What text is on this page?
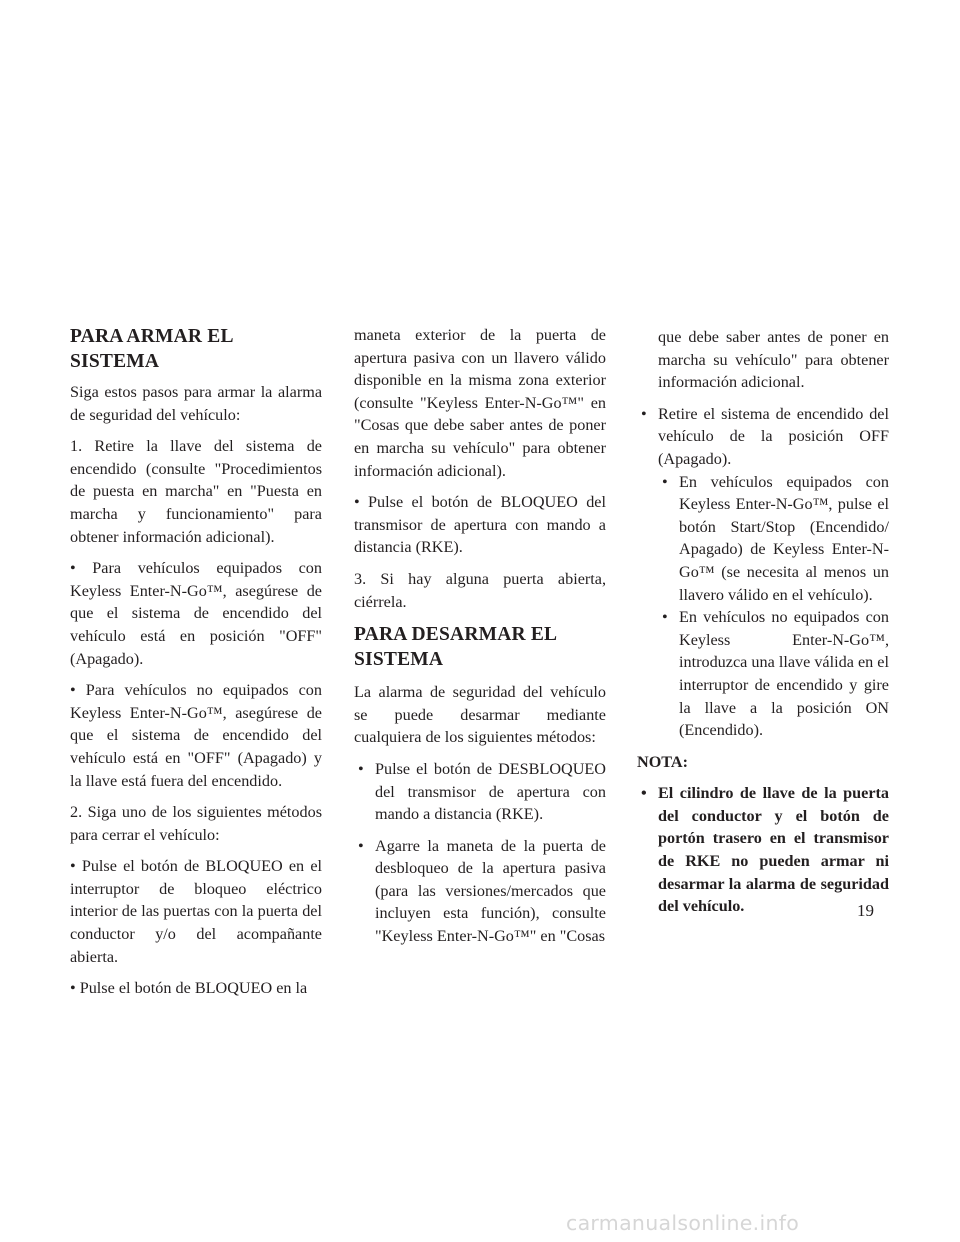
PARA ARMAR EL SISTEMA

Siga estos pasos para armar la alarma de seguridad del vehículo:

1. Retire la llave del sistema de encendido (consulte "Procedimientos de puesta en marcha" en "Puesta en marcha y funcionamiento" para obtener información adicional).

• Para vehículos equipados con Keyless Enter-N-Go™, asegúrese de que el sistema de encendido del vehículo está en posición "OFF" (Apagado).

• Para vehículos no equipados con Keyless Enter-N-Go™, asegúrese de que el sistema de encendido del vehículo está en "OFF" (Apagado) y la llave está fuera del encendido.

2. Siga uno de los siguientes métodos para cerrar el vehículo:

• Pulse el botón de BLOQUEO en el interruptor de bloqueo eléctrico interior de las puertas con la puerta del conductor y/o del acompañante abierta.

• Pulse el botón de BLOQUEO en la

maneta exterior de la puerta de apertura pasiva con un llavero válido disponible en la misma zona exterior (consulte "Keyless Enter-N-Go™" en "Cosas que debe saber antes de poner en marcha su vehículo" para obtener información adicional).

• Pulse el botón de BLOQUEO del transmisor de apertura con mando a distancia (RKE).

3. Si hay alguna puerta abierta, ciérrela.

PARA DESARMAR EL SISTEMA

La alarma de seguridad del vehículo se puede desarmar mediante cualquiera de los siguientes métodos:

• Pulse el botón de DESBLOQUEO del transmisor de apertura con mando a distancia (RKE).
• Agarre la maneta de la puerta de desbloqueo de la apertura pasiva (para las versiones/mercados que incluyen esta función), consulte "Keyless Enter-N-Go™" en "Cosas

que debe saber antes de poner en marcha su vehículo" para obtener información adicional.

• Retire el sistema de encendido del vehículo de la posición OFF (Apagado).
• En vehículos equipados con Keyless Enter-N-Go™, pulse el botón Start/Stop (Encendido/ Apagado) de Keyless Enter-N-Go™ (se necesita al menos un llavero válido en el vehículo).
• En vehículos no equipados con Keyless Enter-N-Go™, introduzca una llave válida en el interruptor de encendido y gire la llave a la posición ON (Encendido).

NOTA:

• El cilindro de llave de la puerta del conductor y el botón de portón trasero en el transmisor de RKE no pueden armar ni desarmar la alarma de seguridad del vehículo.	19
carmanualsonline.info
